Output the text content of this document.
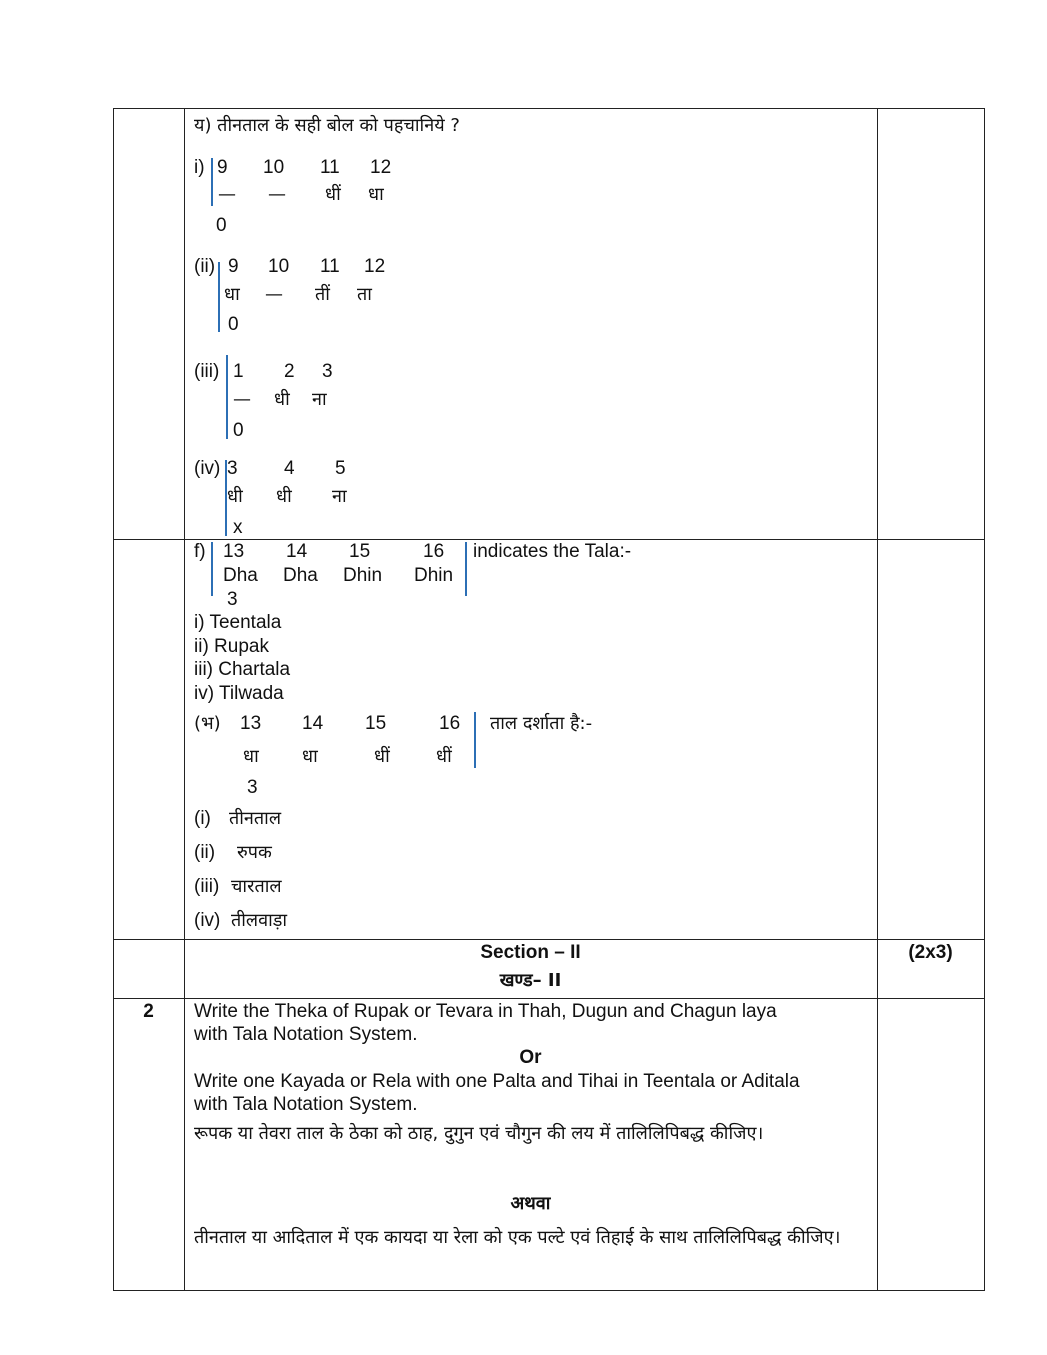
य) तीनताल के सही बोल को पहचानिये ?
i) 9 10 11 12
— — धीं धा
0
(ii) 9 10 11 12
धा — तीं ता
0
(iii) 1 2 3
— धी ना
0
(iv) 3 4 5
धी धी ना
x
f) 13 14 15	16 indicates the Tala:-
Dha Dha Dhin Dhin
3
i) Teentala
ii) Rupak
iii) Chartala
iv) Tilwada
(भ) 13 14 15	16 ताल दर्शाता है:-
धा धा	धीं	धीं
3
(i) तीनताल
(ii) रुपक
(iii) चारताल
(iv) तीलवाड़ा
Section – II
खण्ड– II
(2x3)
2	Write the Theka of Rupak or Tevara in Thah, Dugun and Chagun laya
with Tala Notation System.
Or
Write one Kayada or Rela with one Palta and Tihai in Teentala or Aditala
with Tala Notation System.
रूपक या तेवरा ताल के ठेका को ठाह, दुगुन एवं चौगुन की लय में तालिलिपिबद्ध कीजिए।
अथवा
तीनताल या आदिताल में एक कायदा या रेला को एक पल्टे एवं तिहाई के साथ तालिलिपिबद्ध कीजिए।
